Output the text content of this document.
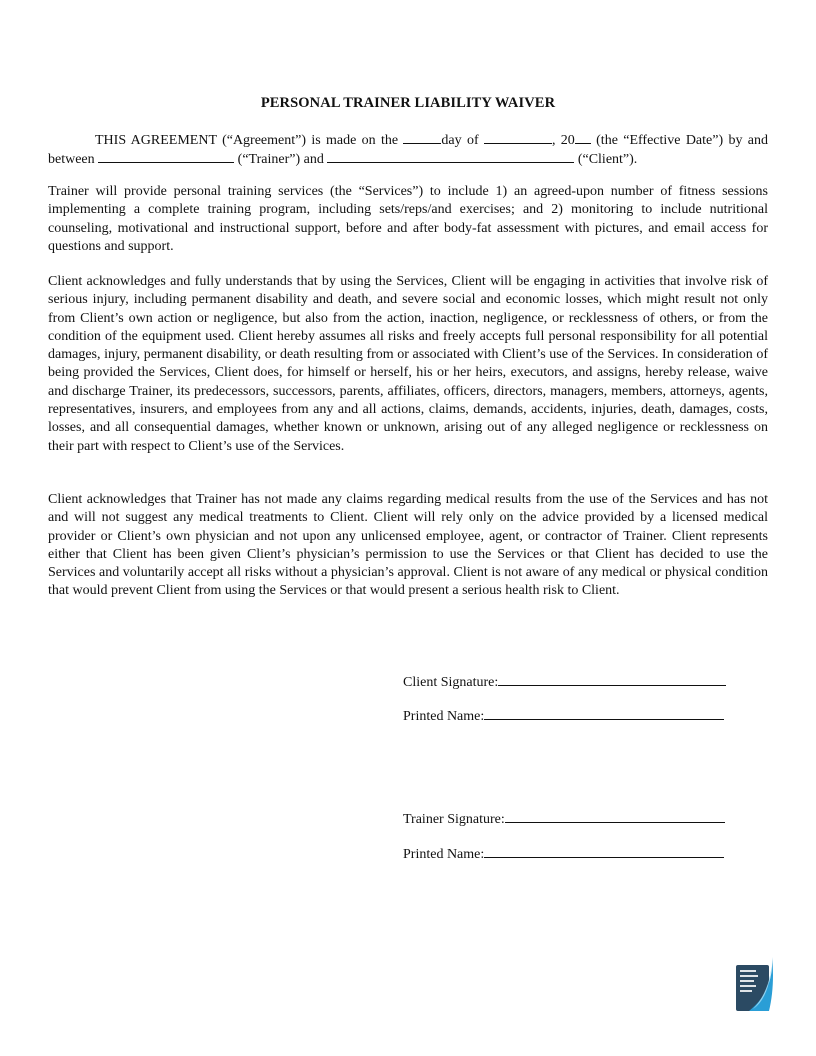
PERSONAL TRAINER LIABILITY WAIVER

THIS AGREEMENT (“Agreement”) is made on the	day of	, 20 (the “Effective Date”) by and between	(“Trainer”) and	(“Client”).

Trainer will provide personal training services (the “Services”) to include 1) an agreed-upon number of fitness sessions implementing a complete training program, including sets/reps/and exercises; and 2) monitoring to include nutritional counseling, motivational and instructional support, before and after body-fat assessment with pictures, and email access for questions and support.

Client acknowledges and fully understands that by using the Services, Client will be engaging in activities that involve risk of serious injury, including permanent disability and death, and severe social and economic losses, which might result not only from Client’s own action or negligence, but also from the action, inaction, negligence, or recklessness of others, or from the condition of the equipment used. Client hereby assumes all risks and freely accepts full personal responsibility for all potential damages, injury, permanent disability, or death resulting from or associated with Client’s use of the Services. In consideration of being provided the Services, Client does, for himself or herself, his or her heirs, executors, and assigns, hereby release, waive and discharge Trainer, its predecessors, successors, parents, affiliates, officers, directors, managers, members, attorneys, agents, representatives, insurers, and employees from any and all actions, claims, demands, accidents, injuries, death, damages, costs, losses, and all consequential damages, whether known or unknown, arising out of any alleged negligence or recklessness on their part with respect to Client’s use of the Services.

Client acknowledges that Trainer has not made any claims regarding medical results from the use of the Services and has not and will not suggest any medical treatments to Client. Client will rely only on the advice provided by a licensed medical provider or Client’s own physician and not upon any unlicensed employee, agent, or contractor of Trainer. Client represents either that Client has been given Client’s physician’s permission to use the Services or that Client has decided to use the Services and voluntarily accept all risks without a physician’s approval. Client is not aware of any medical or physical condition that would prevent Client from using the Services or that would present a serious health risk to Client.

Client Signature:
Printed Name:
Trainer Signature:
Printed Name:
